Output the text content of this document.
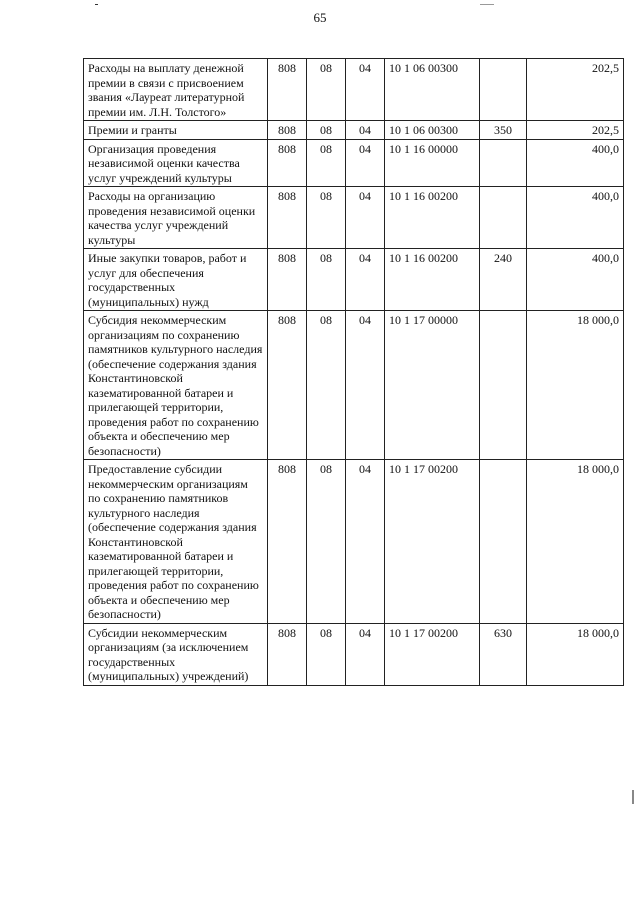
65
Расходы на выплату денежной премии в связи с присвоением звания «Лауреат литературной премии им. Л.Н. Толстого»	808	08	04	10 1 06 00300		202,5
Премии и гранты	808	08	04	10 1 06 00300	350	202,5
Организация проведения независимой оценки качества услуг учреждений культуры	808	08	04	10 1 16 00000		400,0
Расходы на организацию проведения независимой оценки качества услуг учреждений культуры	808	08	04	10 1 16 00200		400,0
Иные закупки товаров, работ и услуг для обеспечения государственных (муниципальных) нужд	808	08	04	10 1 16 00200	240	400,0
Субсидия некоммерческим организациям по сохранению памятников культурного наследия (обеспечение содержания здания Константиновской казематированной батареи и прилегающей территории, проведения работ по сохранению объекта и обеспечению мер безопасности)	808	08	04	10 1 17 00000		18 000,0
Предоставление субсидии некоммерческим организациям по сохранению памятников культурного наследия (обеспечение содержания здания Константиновской казематированной батареи и прилегающей территории, проведения работ по сохранению объекта и обеспечению мер безопасности)	808	08	04	10 1 17 00200		18 000,0
Субсидии некоммерческим организациям (за исключением государственных (муниципальных) учреждений)	808	08	04	10 1 17 00200	630	18 000,0
